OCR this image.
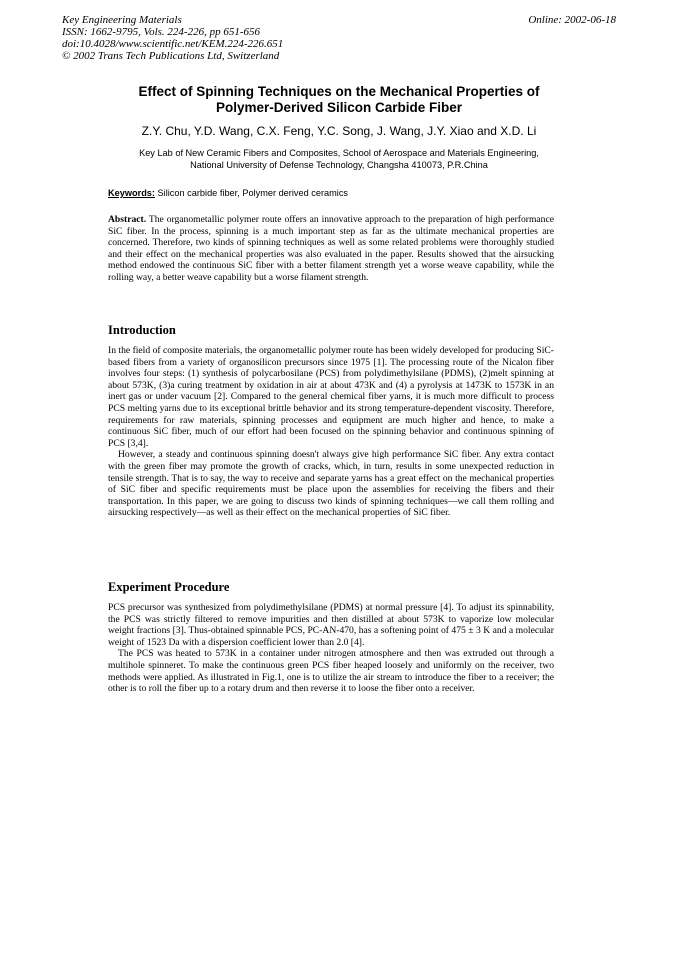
Key Engineering Materials
ISSN: 1662-9795, Vols. 224-226, pp 651-656
doi:10.4028/www.scientific.net/KEM.224-226.651
© 2002 Trans Tech Publications Ltd, Switzerland
Online: 2002-06-18
Effect of Spinning Techniques on the Mechanical Properties of
Polymer-Derived Silicon Carbide Fiber
Z.Y. Chu, Y.D. Wang, C.X. Feng, Y.C. Song, J. Wang, J.Y. Xiao and X.D. Li
Key Lab of New Ceramic Fibers and Composites, School of Aerospace and Materials Engineering,
National University of Defense Technology, Changsha 410073, P.R.China
Keywords: Silicon carbide fiber, Polymer derived ceramics

Abstract. The organometallic polymer route offers an innovative approach to the preparation of high performance SiC fiber. In the process, spinning is a much important step as far as the ultimate mechanical properties are concerned. Therefore, two kinds of spinning techniques as well as some related problems were thoroughly studied and their effect on the mechanical properties was also evaluated in the paper. Results showed that the airsucking method endowed the continuous SiC fiber with a better filament strength yet a worse weave capability, while the rolling way, a better weave capability but a worse filament strength.

Introduction

In the field of composite materials, the organometallic polymer route has been widely developed for producing SiC-based fibers from a variety of organosilicon precursors since 1975 [1]. The processing route of the Nicalon fiber involves four steps: (1) synthesis of polycarbosilane (PCS) from polydimethylsilane (PDMS), (2)melt spinning at about 573K, (3)a curing treatment by oxidation in air at about 473K and (4) a pyrolysis at 1473K to 1573K in an inert gas or under vacuum [2]. Compared to the general chemical fiber yarns, it is much more difficult to process PCS melting yarns due to its exceptional brittle behavior and its strong temperature-dependent viscosity. Therefore, requirements for raw materials, spinning processes and equipment are much higher and hence, to make a continuous SiC fiber, much of our effort had been focused on the spinning behavior and continuous spinning of PCS [3,4].

However, a steady and continuous spinning doesn't always give high performance SiC fiber. Any extra contact with the green fiber may promote the growth of cracks, which, in turn, results in some unexpected reduction in tensile strength. That is to say, the way to receive and separate yarns has a great effect on the mechanical properties of SiC fiber and specific requirements must be place upon the assemblies for receiving the fibers and their transportation. In this paper, we are going to discuss two kinds of spinning techniques—we call them rolling and airsucking respectively—as well as their effect on the mechanical properties of SiC fiber.

Experiment Procedure

PCS precursor was synthesized from polydimethylsilane (PDMS) at normal pressure [4]. To adjust its spinnability, the PCS was strictly filtered to remove impurities and then distilled at about 573K to vaporize low molecular weight fractions [3]. Thus-obtained spinnable PCS, PC-AN-470, has a softening point of 475 ± 3 K and a molecular weight of 1523 Da with a dispersion coefficient lower than 2.0 [4].

The PCS was heated to 573K in a container under nitrogen atmosphere and then was extruded out through a multihole spinneret. To make the continuous green PCS fiber heaped loosely and uniformly on the receiver, two methods were applied. As illustrated in Fig.1, one is to utilize the air stream to introduce the fiber to a receiver; the other is to roll the fiber up to a rotary drum and then reverse it to loose the fiber onto a receiver.
